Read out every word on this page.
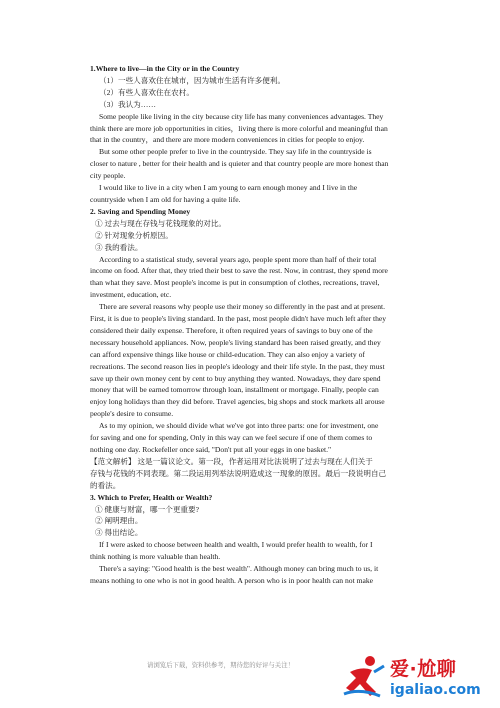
1.Where to live—in the City or in the Country
（1）一些人喜欢住在城市，因为城市生活有许多便利。
（2）有些人喜欢住在农村。
（3）我认为……
Some people like living in the city because city life has many conveniences advantages. They
think there are more job opportunities in cities，living there is more colorful and meaningful than
that in the country，and there are more modern conveniences in cities for people to enjoy.
But some other people prefer to live in the countryside. They say life in the countryside is
closer to nature , better for their health and is quieter and that country people are more honest than
city people.
I would like to live in a city when I am young to earn enough money and I live in the
countryside when I am old for having a quite life.
2. Saving and Spending Money
① 过去与现在存钱与花钱现象的对比。
② 针对现象分析原因。
③ 我的看法。
According to a statistical study, several years ago, people spent more than half of their total
income on food. After that, they tried their best to save the rest. Now, in contrast, they spend more
than what they save. Most people's income is put in consumption of clothes, recreations, travel,
investment, education, etc.
There are several reasons why people use their money so differently in the past and at present.
First, it is due to people's living standard. In the past, most people didn't have much left after they
considered their daily expense. Therefore, it often required years of savings to buy one of the
necessary household appliances. Now, people's living standard has been raised greatly, and they
can afford expensive things like house or child-education. They can also enjoy a variety of
recreations. The second reason lies in people's ideology and their life style. In the past, they must
save up their own money cent by cent to buy anything they wanted. Nowadays, they dare spend
money that will be earned tomorrow through loan, installment or mortgage. Finally, people can
enjoy long holidays than they did before. Travel agencies, big shops and stock markets all arouse
people's desire to consume.
As to my opinion, we should divide what we've got into three parts: one for investment, one
for saving and one for spending, Only in this way can we feel secure if one of them comes to
nothing one day. Rockefeller once said, "Don't put all your eggs in one basket."
【范文解析】 这是一篇议论文。第一段，作者运用对比法说明了过去与现在人们关于
存钱与花钱的不同表现。第二段运用列举法说明造成这一现象的原因。最后一段说明自己
的看法。
3. Which to Prefer, Health or Wealth?
① 健康与财富，哪一个更重要?
② 阐明理由。
③ 得出结论。
If I were asked to choose between health and wealth, I would prefer health to wealth, for I
think nothing is more valuable than health.
There's a saying: "Good health is the best wealth". Although money can bring much to us, it
means nothing to one who is not in good health. A person who is in poor health can not make
请浏览后下载，资料供参考，期待您的好评与关注！	爱·尬聊
igaliao.com
